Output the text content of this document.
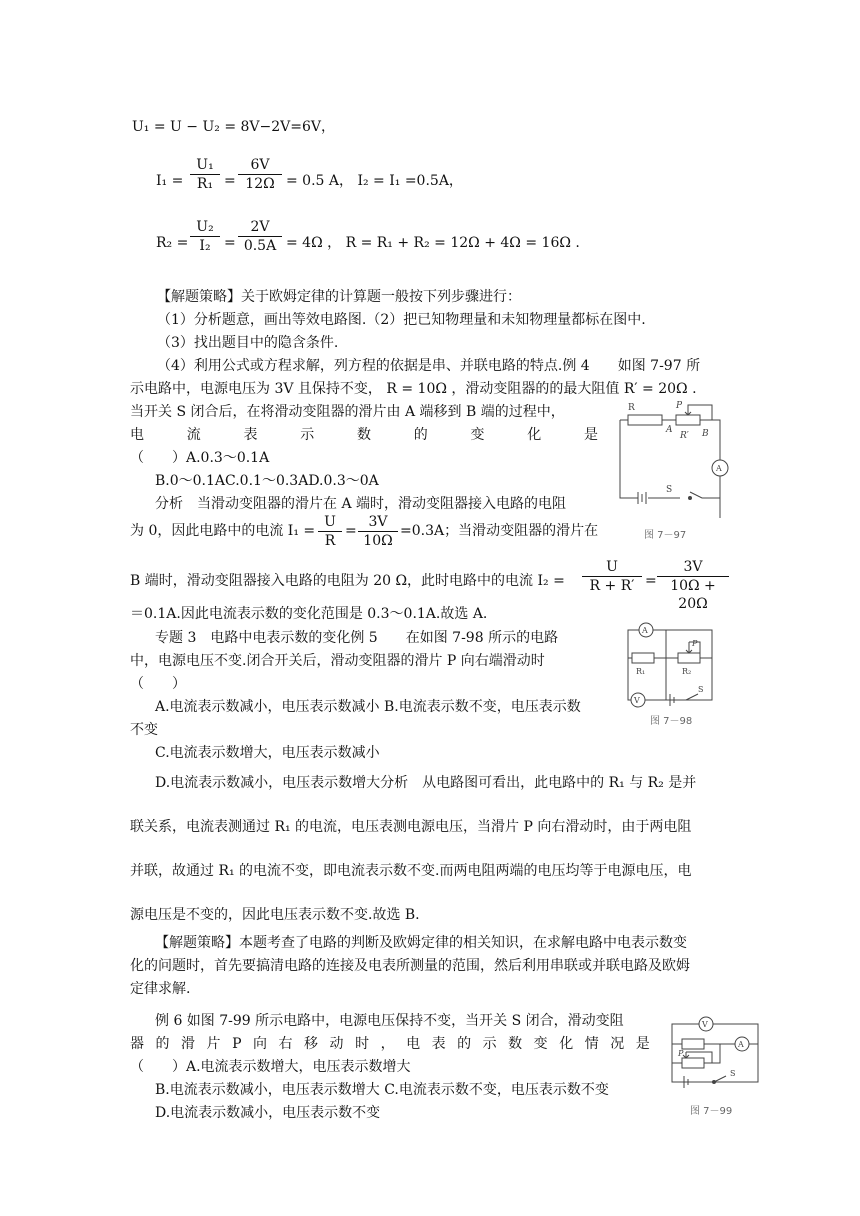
U₁ = U − U₂ = 8V−2V=6V，
$I_1 = \frac{\text{U₁}}{\text{R₁}} = \frac{6V}{12\Omega} = 0.5$ A， I₂ = I₁ =0.5A，
$R_2 = \frac{\text{U₂}}{\text{I₂}} = \frac{2V}{0.5A} = 4\Omega$ ， R = R₁ + R₂ = 12Ω + 4Ω = 16Ω .
【解题策略】关于欧姆定律的计算题一般按下列步骤进行：
（1）分析题意，画出等效电路图.（2）把已知物理量和未知物理量都标在图中.
（3）找出题目中的隐含条件.
（4）利用公式或方程求解，列方程的依据是串、并联电路的特点.例 4　　如图 7-97 所
示电路中，电源电压为 3V 且保持不变， R = 10Ω ，滑动变阻器的的最大阻值 R′ = 20Ω .
当开关 S 闭合后，在将滑动变阻器的滑片由 A 端移到 B 端的过程中，
电	流	表	示	数	的	变	化	是
（　　）A.0.3～0.1A
B.0～0.1AC.0.1～0.3AD.0.3～0A
分析　当滑动变阻器的滑片在 A 端时，滑动变阻器接入电路的电阻
为 0，因此电路中的电流 $I_1 = \frac{U}{R} = \frac{3V}{10\Omega} =0.3A$；当滑动变阻器的滑片在
B 端时，滑动变阻器接入电路的电阻为 20 Ω，此时电路中的电流 $I_2 = \frac{U}{R + R'} = \frac{3V}{10\Omega + 20\Omega}$
＝0.1A.因此电流表示数的变化范围是 0.3～0.1A.故选 A.
专题 3　电路中电表示数的变化例 5　　在如图 7-98 所示的电路
中，电源电压不变.闭合开关后，滑动变阻器的滑片 P 向右端滑动时
（　　）
A.电流表示数减小，电压表示数减小 B.电流表示数不变，电压表示数
不变
C.电流表示数增大，电压表示数减小
D.电流表示数减小，电压表示数增大分析　从电路图可看出，此电路中的 R₁ 与 R₂ 是并
联关系，电流表测通过 R₁ 的电流，电压表测电源电压，当滑片 P 向右滑动时，由于两电阻
并联，故通过 R₁ 的电流不变，即电流表示数不变.而两电阻两端的电压均等于电源电压，电
源电压是不变的，因此电压表示数不变.故选 B.
【解题策略】本题考查了电路的判断及欧姆定律的相关知识，在求解电路中电表示数变
化的问题时，首先要搞清电路的连接及电表所测量的范围，然后利用串联或并联电路及欧姆
定律求解.
例 6 如图 7-99 所示电路中，电源电压保持不变，当开关 S 闭合，滑动变阻
器 的 滑 片 P 向 右 移 动 时 ， 电 表 的 示 数 变 化 情 况 是
（　　）A.电流表示数增大，电压表示数增大
B.电流表示数减小，电压表示数增大 C.电流表示数不变，电压表示数不变
D.电流表示数减小，电压表示数不变
R	P
A
R′ B
A
S
图 7－97
A
V
P
R₁	R₂
S
图 7－98
V
A
P
S
图 7－99
